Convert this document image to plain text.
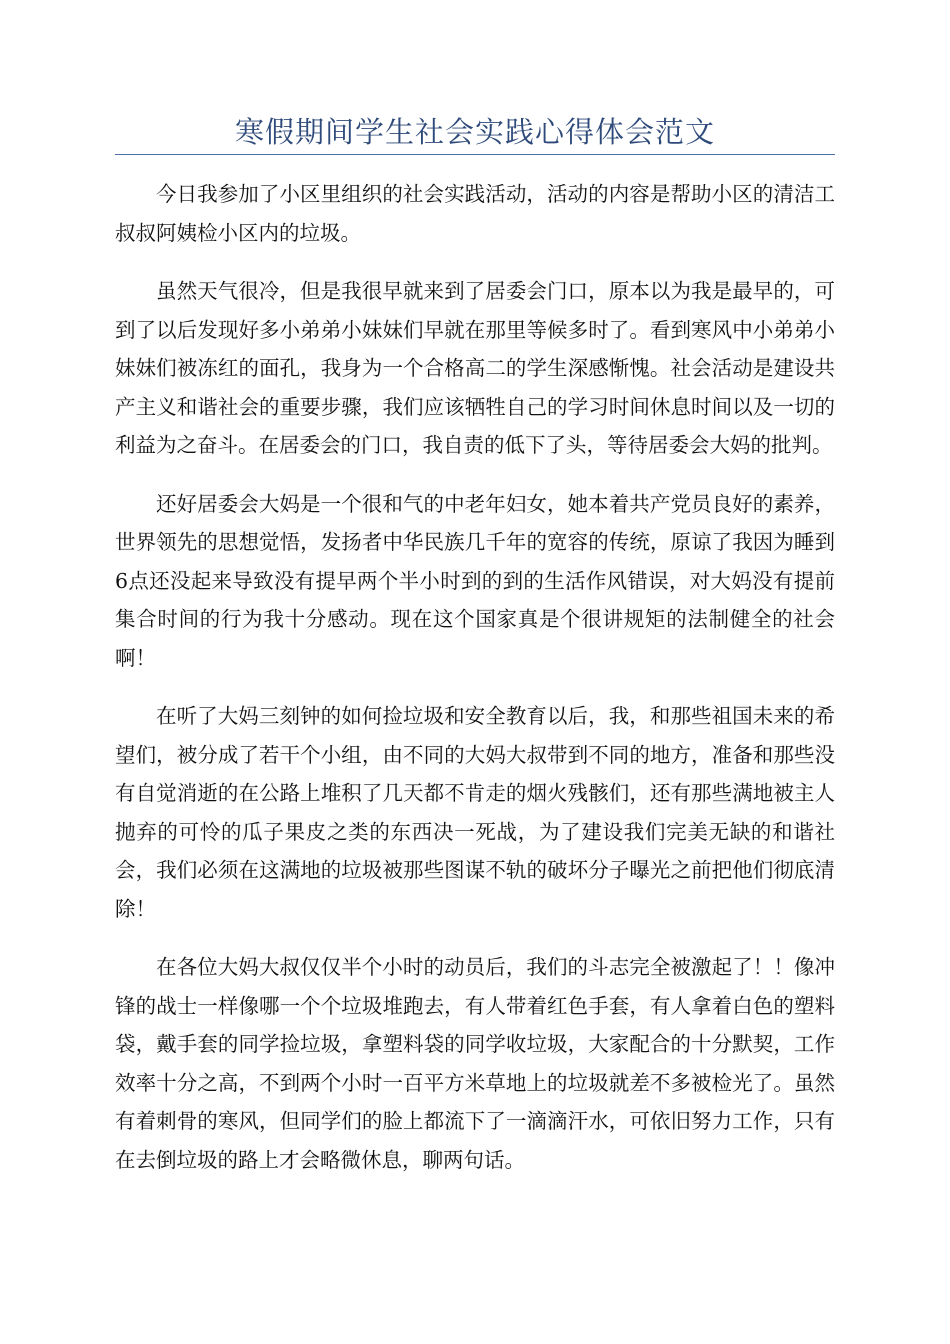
寒假期间学生社会实践心得体会范文

今日我参加了小区里组织的社会实践活动，活动的内容是帮助小区的清洁工叔叔阿姨检小区内的垃圾。

虽然天气很冷，但是我很早就来到了居委会门口，原本以为我是最早的，可到了以后发现好多小弟弟小妹妹们早就在那里等候多时了。看到寒风中小弟弟小妹妹们被冻红的面孔，我身为一个合格高二的学生深感惭愧。社会活动是建设共产主义和谐社会的重要步骤，我们应该牺牲自己的学习时间休息时间以及一切的利益为之奋斗。在居委会的门口，我自责的低下了头，等待居委会大妈的批判。

还好居委会大妈是一个很和气的中老年妇女，她本着共产党员良好的素养，世界领先的思想觉悟，发扬者中华民族几千年的宽容的传统，原谅了我因为睡到6点还没起来导致没有提早两个半小时到的到的生活作风错误，对大妈没有提前集合时间的行为我十分感动。现在这个国家真是个很讲规矩的法制健全的社会啊！

在听了大妈三刻钟的如何捡垃圾和安全教育以后，我，和那些祖国未来的希望们，被分成了若干个小组，由不同的大妈大叔带到不同的地方，准备和那些没有自觉消逝的在公路上堆积了几天都不肯走的烟火残骸们，还有那些满地被主人抛弃的可怜的瓜子果皮之类的东西决一死战，为了建设我们完美无缺的和谐社会，我们必须在这满地的垃圾被那些图谋不轨的破坏分子曝光之前把他们彻底清除！

在各位大妈大叔仅仅半个小时的动员后，我们的斗志完全被激起了！！像冲锋的战士一样像哪一个个垃圾堆跑去，有人带着红色手套，有人拿着白色的塑料袋，戴手套的同学捡垃圾，拿塑料袋的同学收垃圾，大家配合的十分默契，工作效率十分之高，不到两个小时一百平方米草地上的垃圾就差不多被检光了。虽然有着刺骨的寒风，但同学们的脸上都流下了一滴滴汗水，可依旧努力工作，只有在去倒垃圾的路上才会略微休息，聊两句话。
